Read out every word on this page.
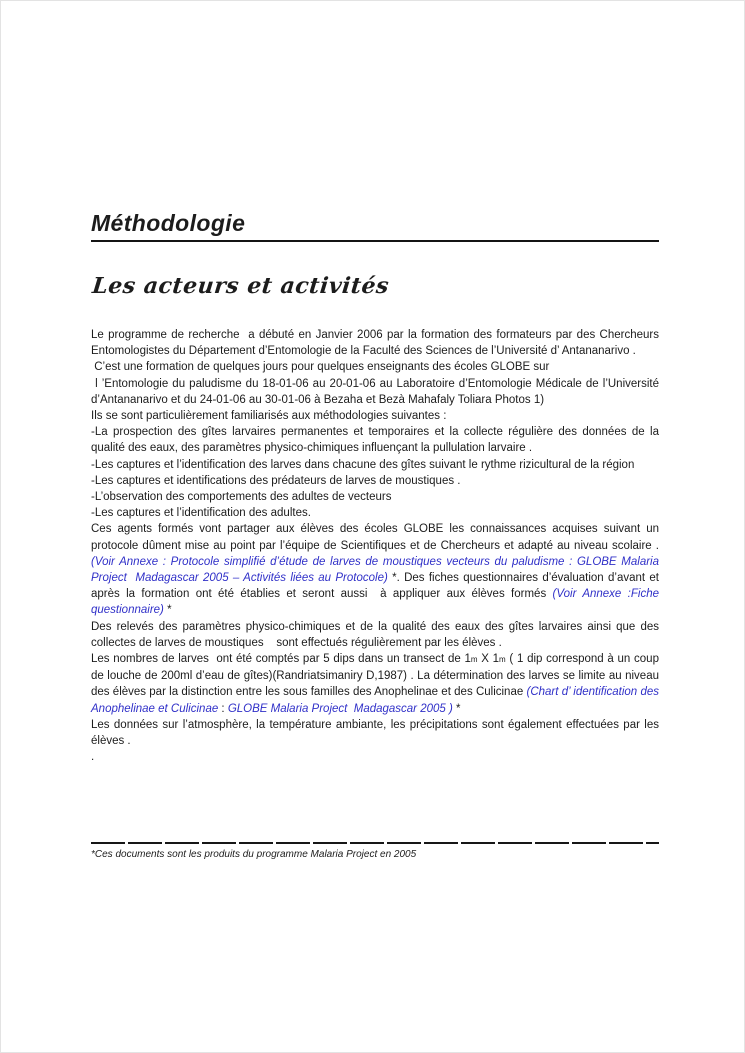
Méthodologie
Les acteurs et activités

Le programme de recherche  a débuté en Janvier 2006 par la formation des formateurs par des Chercheurs Entomologistes du Département d’Entomologie de la Faculté des Sciences de l’Université d’ Antananarivo .

C’est une formation de quelques jours pour quelques enseignants des écoles GLOBE sur

l ’Entomologie du paludisme du 18-01-06 au 20-01-06 au Laboratoire d’Entomologie Médicale de l’Université d’Antananarivo et du 24-01-06 au 30-01-06 à Bezaha et Bezà Mahafaly Toliara Photos 1)

Ils se sont particulièrement familiarisés aux méthodologies suivantes :

-La prospection des gîtes larvaires permanentes et temporaires et la collecte régulière des données de la qualité des eaux, des paramètres physico-chimiques influençant la pullulation larvaire .

-Les captures et l’identification des larves dans chacune des gîtes suivant le rythme rizicultural de la région

-Les captures et identifications des prédateurs de larves de moustiques .

-L’observation des comportements des adultes de vecteurs

-Les captures et l’identification des adultes.

Ces agents formés vont partager aux élèves des écoles GLOBE les connaissances acquises suivant un protocole dûment mise au point par l’équipe de Scientifiques et de Chercheurs et adapté au niveau scolaire . (Voir Annexe : Protocole simplifié d’étude de larves de moustiques vecteurs du paludisme : GLOBE Malaria Project  Madagascar 2005 – Activités liées au Protocole) *. Des fiches questionnaires d’évaluation d’avant et après la formation ont été établies et seront aussi  à appliquer aux élèves formés (Voir Annexe :Fiche questionnaire) *

Des relevés des paramètres physico-chimiques et de la qualité des eaux des gîtes larvaires ainsi que des collectes de larves de moustiques    sont effectués régulièrement par les élèves .

Les nombres de larves  ont été comptés par 5 dips dans un transect de 1m X 1m ( 1 dip correspond à un coup de louche de 200ml d’eau de gîtes)(Randriatsimaniry D,1987) . La détermination des larves se limite au niveau des élèves par la distinction entre les sous familles des Anophelinae et des Culicinae (Chart d’ identification des Anophelinae et Culicinae : GLOBE Malaria Project  Madagascar 2005 ) *

Les données sur l’atmosphère, la température ambiante, les précipitations sont également effectuées par les élèves .

.

*Ces documents sont les produits du programme Malaria Project en 2005
